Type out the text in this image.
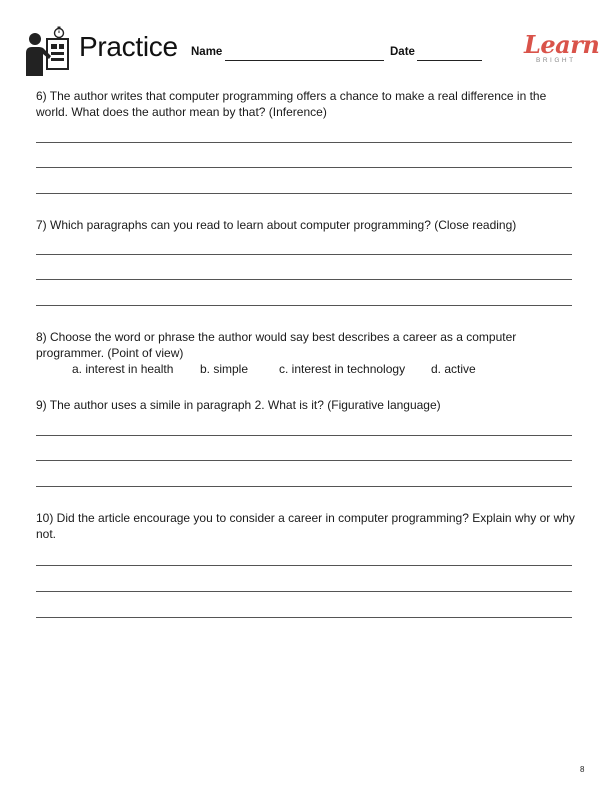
Practice Name	Date	Learn
BRIGHT
6) The author writes that computer programming offers a chance to make a real difference in the world. What does the author mean by that? (Inference)
7) Which paragraphs can you read to learn about computer programming? (Close reading)
8) Choose the word or phrase the author would say best describes a career as a computer programmer. (Point of view)
a. interest in health b. simple	c. interest in technology d. active
9) The author uses a simile in paragraph 2. What is it? (Figurative language)
10) Did the article encourage you to consider a career in computer programming? Explain why or why not.
8
